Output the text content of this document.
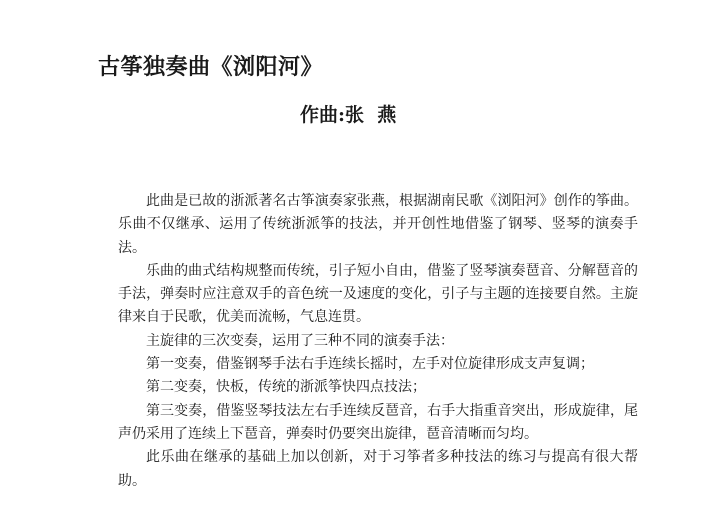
古筝独奏曲《浏阳河》
作曲:张  燕

此曲是已故的浙派著名古筝演奏家张燕，根据湖南民歌《浏阳河》创作的筝曲。乐曲不仅继承、运用了传统浙派筝的技法，并开创性地借鉴了钢琴、竖琴的演奏手法。

乐曲的曲式结构规整而传统，引子短小自由，借鉴了竖琴演奏琶音、分解琶音的手法，弹奏时应注意双手的音色统一及速度的变化，引子与主题的连接要自然。主旋律来自于民歌，优美而流畅，气息连贯。

主旋律的三次变奏，运用了三种不同的演奏手法：

第一变奏，借鉴钢琴手法右手连续长摇时，左手对位旋律形成支声复调；

第二变奏，快板，传统的浙派筝快四点技法；

第三变奏，借鉴竖琴技法左右手连续反琶音，右手大指重音突出，形成旋律，尾声仍采用了连续上下琶音，弹奏时仍要突出旋律，琶音清晰而匀均。

此乐曲在继承的基础上加以创新，对于习筝者多种技法的练习与提高有很大帮助。
